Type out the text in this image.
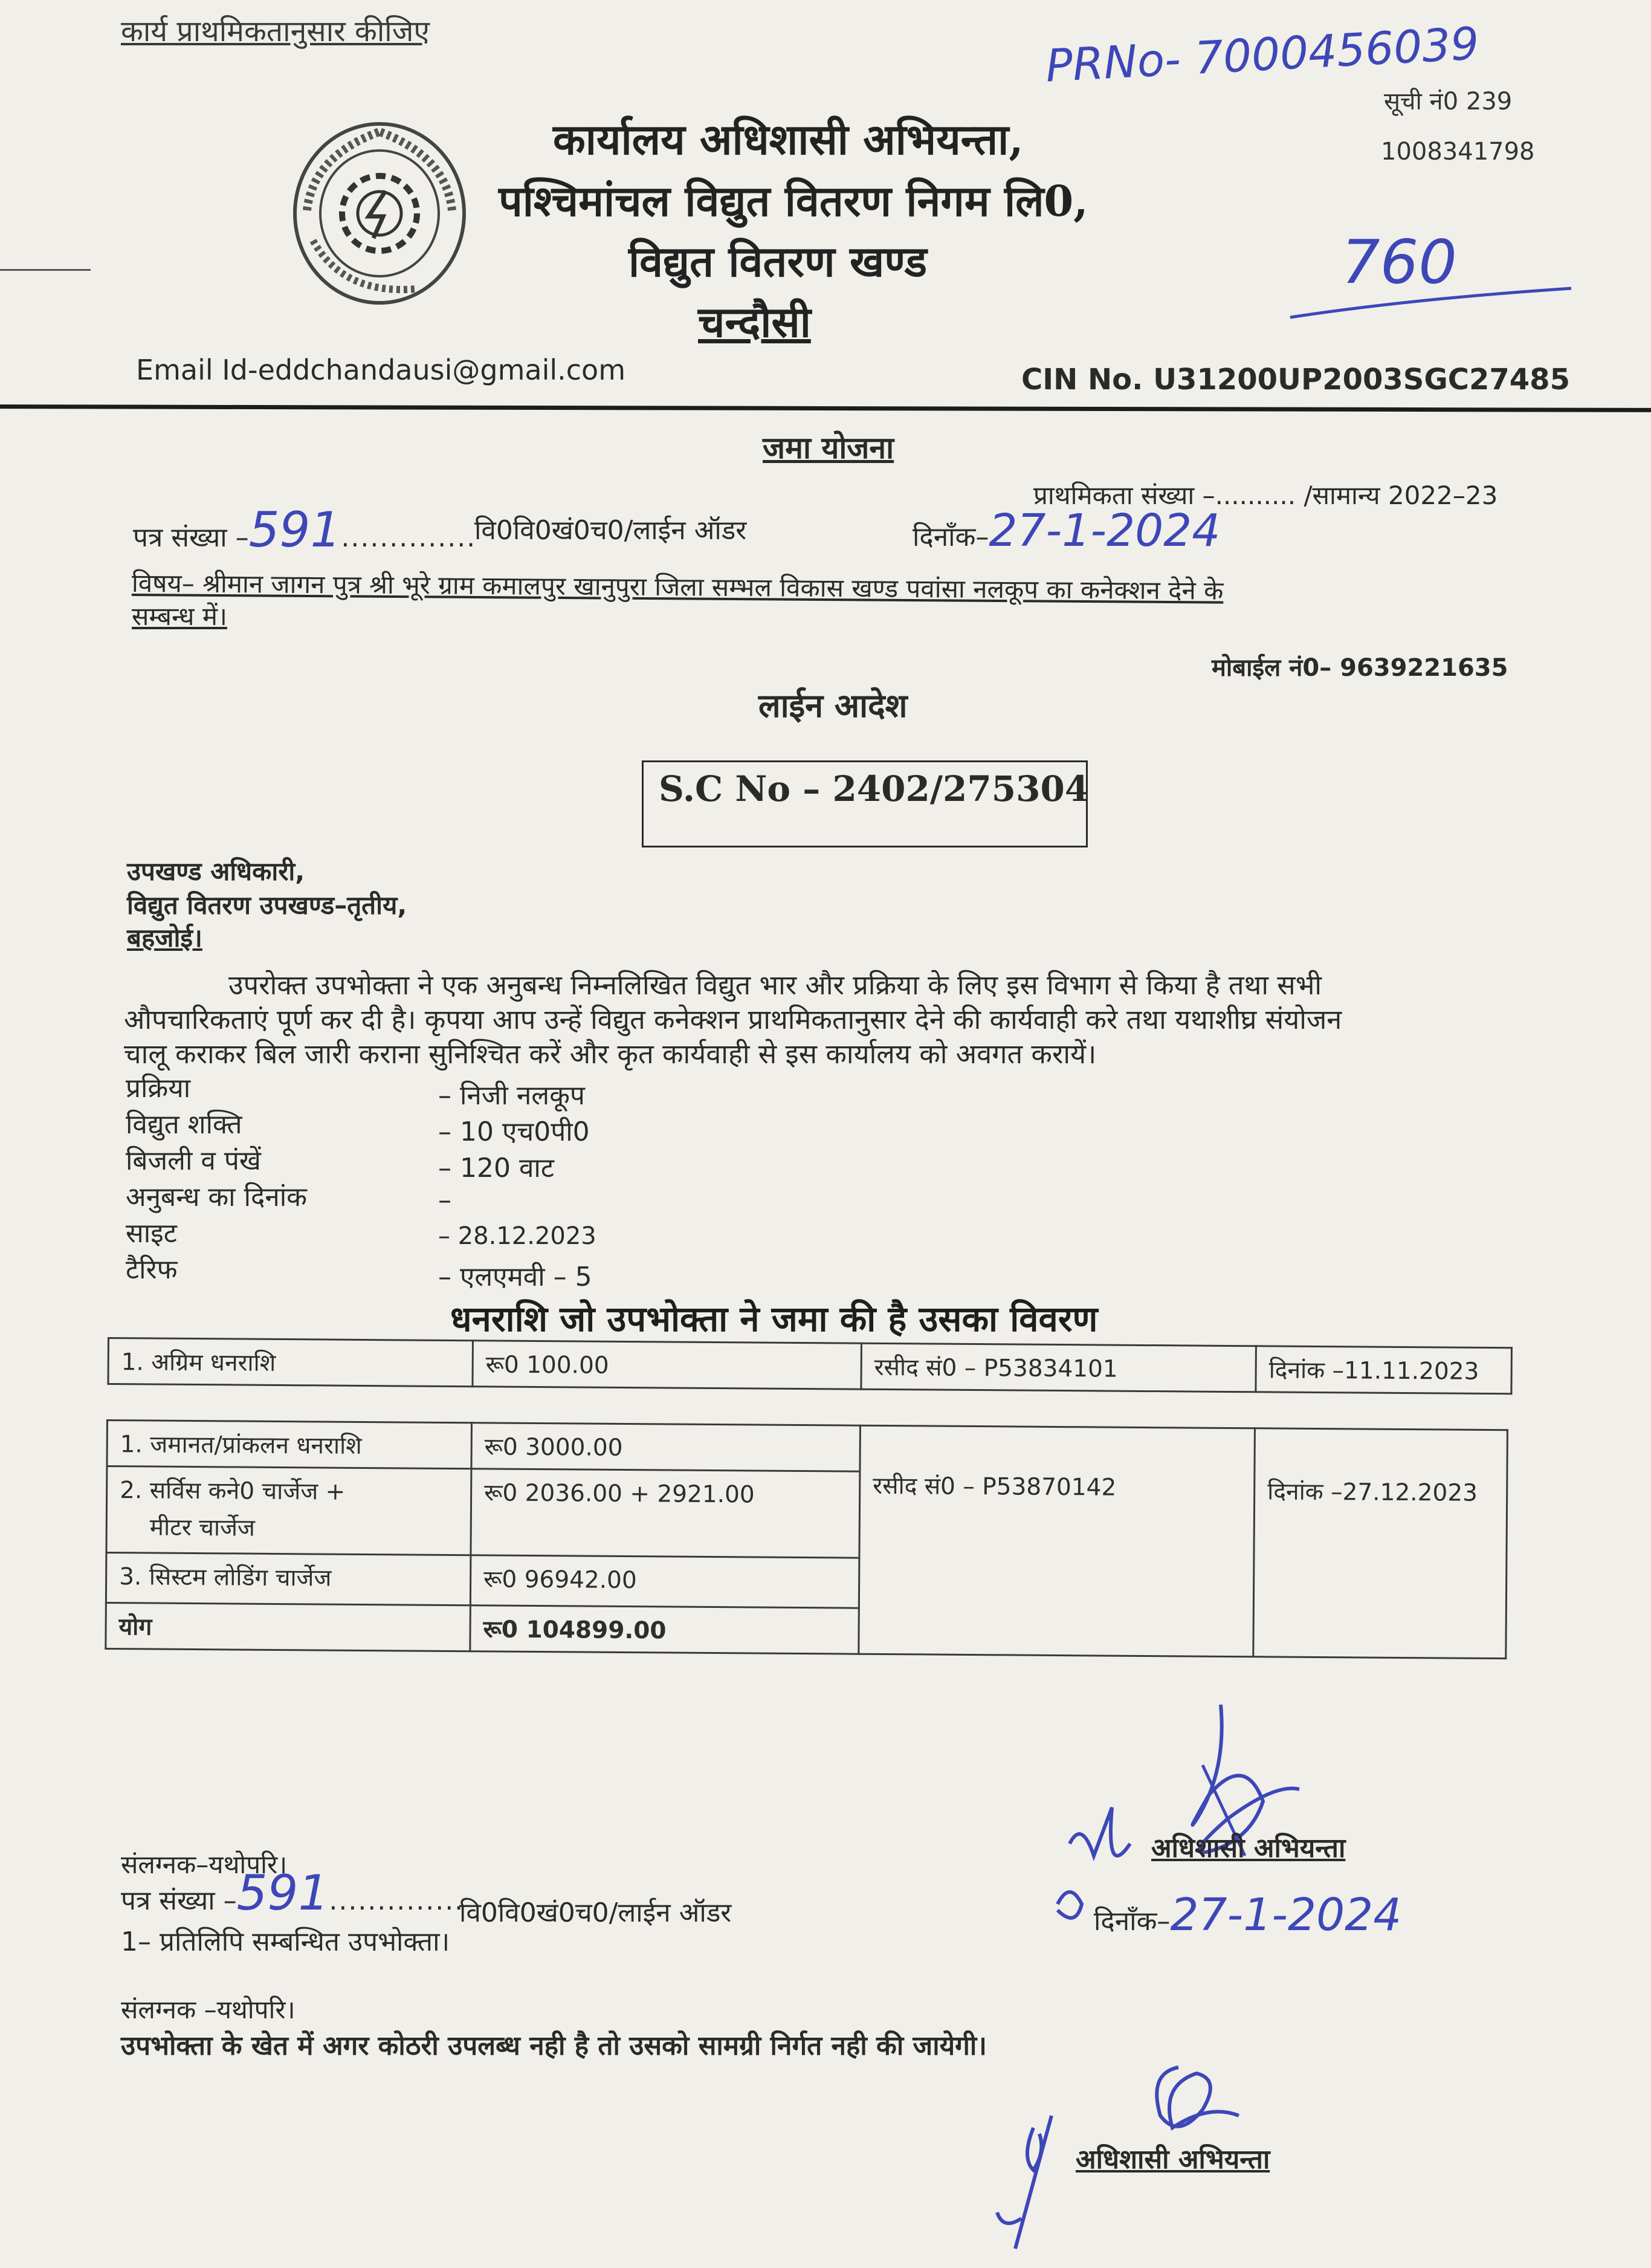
कार्य प्राथमिकतानुसार कीजिए	PRNo- 7000456039
सूची नं0 239
1008341798
760
कार्यालय अधिशासी अभियन्ता,
पश्चिमांचल विद्युत वितरण निगम लि0,
विद्युत वितरण खण्ड
चन्दौसी
Email Id-eddchandausi@gmail.com	CIN No. U31200UP2003SGC27485
जमा योजना
प्राथमिकता संख्या –.......... /सामान्य 2022–23
पत्र संख्या –591..............
वि0वि0खं0च0/लाईन ऑडर	दिनाँक–27-1-2024
विषय– श्रीमान जागन पुत्र श्री भूरे ग्राम कमालपुर खानुपुरा जिला सम्भल विकास खण्ड पवांसा नलकूप का कनेक्शन देने के
सम्बन्ध में।
मोबाईल नं0– 9639221635
लाईन आदेश
S.C No – 2402/275304
उपखण्ड अधिकारी,
विद्युत वितरण उपखण्ड–तृतीय,
बहजोई।
उपरोक्त उपभोक्ता ने एक अनुबन्ध निम्नलिखित विद्युत भार और प्रक्रिया के लिए इस विभाग से किया है तथा सभी
औपचारिकताएं पूर्ण कर दी है। कृपया आप उन्हें विद्युत कनेक्शन प्राथमिकतानुसार देने की कार्यवाही करे तथा यथाशीघ्र संयोजन
चालू कराकर बिल जारी कराना सुनिश्चित करें और कृत कार्यवाही से इस कार्यालय को अवगत करायें।
प्रक्रिया	– निजी नलकूप
विद्युत शक्ति	– 10 एच0पी0
बिजली व पंखें	– 120 वाट
अनुबन्ध का दिनांक	–
साइट	– 28.12.2023
टैरिफ	– एलएमवी – 5
धनराशि जो उपभोक्ता ने जमा की है उसका विवरण
1. अग्रिम धनराशि	रू0 100.00	रसीद सं0 – P53834101	दिनांक –11.11.2023
1. जमानत/प्रांकलन धनराशि	रू0 3000.00	रसीद सं0 – P53870142	दिनांक –27.12.2023

2. सर्विस कने0 चार्जेज +
मीटर चार्जेज	रू0 2036.00 + 2921.00		
3. सिस्टम लोडिंग चार्जेज	रू0 96942.00		
योग	रू0 104899.00		
अधिशासी अभियन्ता
दिनाँक–27-1-2024
संलग्नक–यथोपरि।
पत्र संख्या –591..............
वि0वि0खं0च0/लाईन ऑडर
1– प्रतिलिपि सम्बन्धित उपभोक्ता।
संलग्नक –यथोपरि।
उपभोक्ता के खेत में अगर कोठरी उपलब्ध नही है तो उसको सामग्री निर्गत नही की जायेगी।
अधिशासी अभियन्ता
